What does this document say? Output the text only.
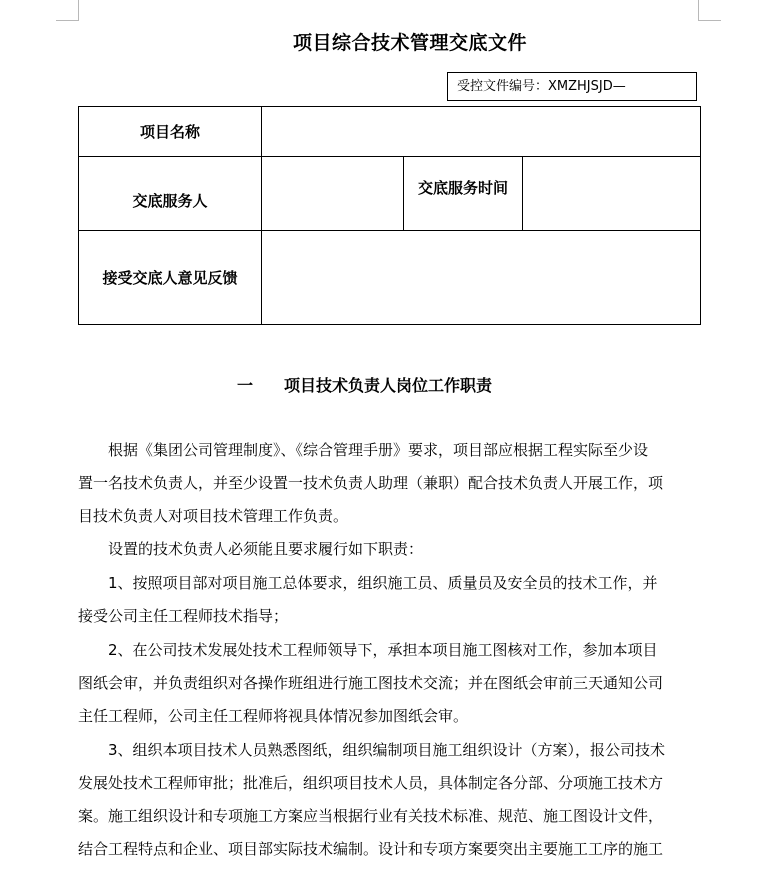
项目综合技术管理交底文件
受控文件编号：XMZHJSJD—
项目名称			
交底服务人		交底服务时间	
接受交底人意见反馈			
一 项目技术负责人岗位工作职责
根据《集团公司管理制度》、《综合管理手册》要求，项目部应根据工程实际至少设
置一名技术负责人，并至少设置一技术负责人助理（兼职）配合技术负责人开展工作，项
目技术负责人对项目技术管理工作负责。
设置的技术负责人必须能且要求履行如下职责：
1、按照项目部对项目施工总体要求，组织施工员、质量员及安全员的技术工作，并
接受公司主任工程师技术指导；
2、在公司技术发展处技术工程师领导下，承担本项目施工图核对工作，参加本项目
图纸会审，并负责组织对各操作班组进行施工图技术交流；并在图纸会审前三天通知公司
主任工程师，公司主任工程师将视具体情况参加图纸会审。
3、组织本项目技术人员熟悉图纸，组织编制项目施工组织设计（方案），报公司技术
发展处技术工程师审批；批准后，组织项目技术人员，具体制定各分部、分项施工技术方
案。施工组织设计和专项施工方案应当根据行业有关技术标准、规范、施工图设计文件，
结合工程特点和企业、项目部实际技术编制。设计和专项方案要突出主要施工工序的施工
